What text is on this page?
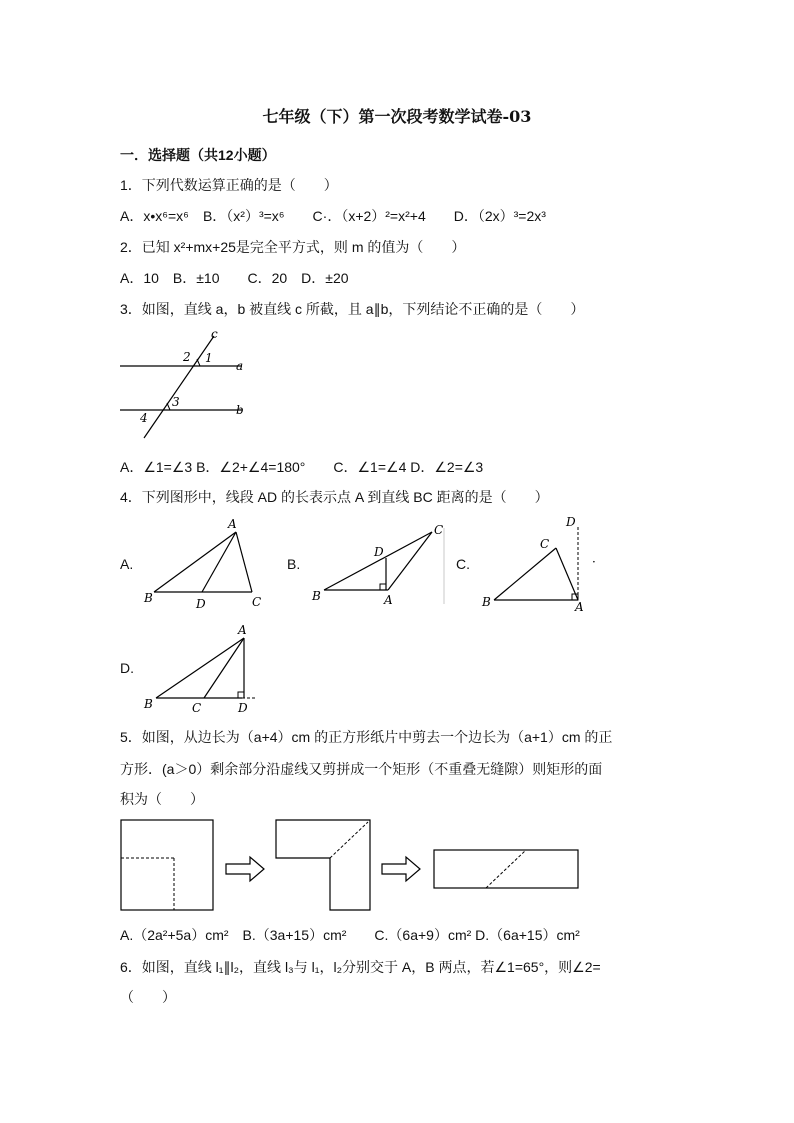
七年级（下）第一次段考数学试卷-03
一．选择题（共12小题）
1．下列代数运算正确的是（　　）
A．x•x⁶=x⁶　B．（x²）³=x⁶　　C·．（x+2）²=x²+4　　D．（2x）³=2x³
2．已知 x²+mx+25是完全平方式，则 m 的值为（　　）
A．10　B．±10　　C．20　D．±20
3．如图，直线 a，b 被直线 c 所截，且 a∥b，下列结论不正确的是（　　）
c
a
b
1
2
3
4
A．∠1=∠3 B．∠2+∠4=180°　　C．∠1=∠4 D．∠2=∠3
4．下列图形中，线段 AD 的长表示点 A 到直线 BC 距离的是（　　）
A.	B.	C.
D.
A
B	C
D
D
C
B	A
D
C
B	A
·
A
B	C	D
5．如图，从边长为（a+4）cm 的正方形纸片中剪去一个边长为（a+1）cm 的正
方形．(a＞0）剩余部分沿虚线又剪拼成一个矩形（不重叠无缝隙）则矩形的面
积为（　　）
A.（2a²+5a）cm²　B.（3a+15）cm²　　C.（6a+9）cm² D.（6a+15）cm²
6．如图，直线 l₁∥l₂，直线 l₃与 l₁，l₂分别交于 A，B 两点，若∠1=65°，则∠2=
（　　）
